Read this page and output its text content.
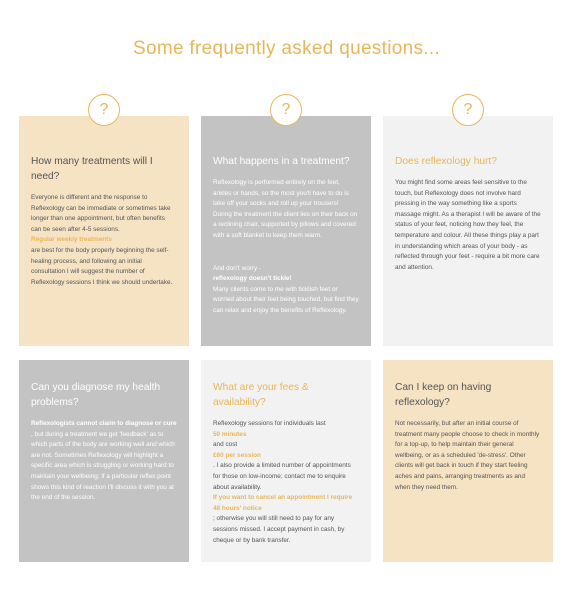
Some frequently asked questions...
?	?	?
How many treatments will I need?

Everyone is different and the response to Reflexology can be immediate or sometimes take longer than one appointment, but often benefits can be seen after 4-5 sessions.

Regular weekly treatments

are best for the body properly beginning the self-healing process, and following an initial consultation I will suggest the number of Reflexology sessions I think we should undertake.

What happens in a treatment?

Reflexology is performed entirely on the feet, ankles or hands, so the most you'll have to do is take off your socks and roll up your trousers! During the treatment the client lies on their back on a reclining chair, supported by pillows and covered with a soft blanket to keep them warm.

And don't worry -

reflexology doesn't tickle!

Many clients come to me with ticklish feet or worried about their feet being touched, but find they can relax and enjoy the benefits of Reflexology.

Does reflexology hurt?

You might find some areas feel sensitive to the touch, but Reflexology does not involve hard pressing in the way something like a sports massage might. As a therapist I will be aware of the status of your feet, noticing how they feel, the temperature and colour. All these things play a part in understanding which areas of your body - as reflected through your feet - require a bit more care and attention.

Can you diagnose my health problems?

Reflexologists cannot claim to diagnose or cure

, but during a treatment we get 'feedback' as to which parts of the body are working well and which are not. Sometimes Reflexology will highlight a specific area which is struggling or working hard to maintain your wellbeing; if a particular reflex point shows this kind of reaction I'll discuss it with you at the end of the session.

What are your fees & availability?

Reflexology sessions for individuals last

50 minutes

and cost

£60 per session

. I also provide a limited number of appointments for those on low-income; contact me to enquire about availability.

If you want to cancel an appointment I require 48 hours' notice

; otherwise you will still need to pay for any sessions missed. I accept payment in cash, by cheque or by bank transfer.

Can I keep on having reflexology?

Not necessarily, but after an initial course of treatment many people choose to check in monthly for a top-up, to help maintain their general wellbeing, or as a scheduled 'de-stress'. Other clients will get back in touch if they start feeling aches and pains, arranging treatments as and when they need them.
